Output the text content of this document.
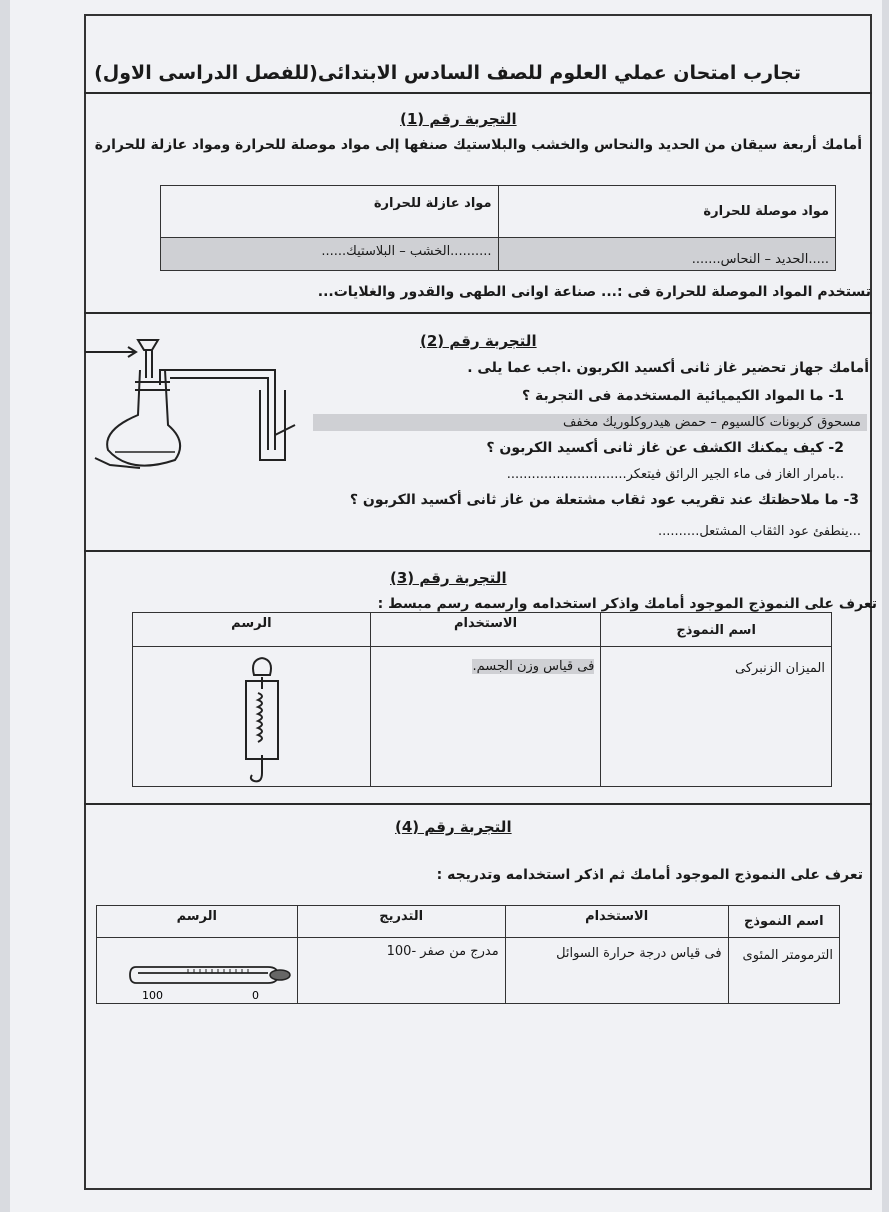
تجارب امتحان عملي العلوم للصف السادس الابتدائى(للفصل الدراسى الاول)
التجربة رقم (1)
أمامك أربعة سيقان من الحديد والنحاس والخشب والبلاستيك صنفها إلى مواد موصلة للحرارة ومواد عازلة للحرارة
مواد موصلة للحرارة	مواد عازلة للحرارة
.....الحديد – النحاس.......	..........الخشب – البلاستيك......
تستخدم المواد الموصلة للحرارة فى :... صناعة اوانى الطهى والقدور والغلايات...
التجربة رقم (2)
أمامك جهاز تحضير غاز ثانى أكسيد الكربون .اجب عما يلى .
1- ما المواد الكيميائية المستخدمة فى التجربة ؟
مسحوق كربونات كالسيوم – حمض هيدروكلوريك مخفف
2- كيف يمكنك الكشف عن غاز ثانى أكسيد الكربون ؟
..بامرار الغاز فى ماء الجير الرائق فيتعكر.............................
3- ما ملاحظتك عند تقريب عود ثقاب مشتعلة من غاز ثانى أكسيد الكربون ؟
...ينطفئ عود الثقاب المشتعل..........
التجربة رقم (3)
تعرف على النموذج الموجود أمامك واذكر استخدامه وارسمه رسم مبسط :
اسم النموذج	الاستخدام	الرسم
الميزان الزنبركى	فى قياس وزن الجسم.	
التجربة رقم (4)
تعرف على النموذج الموجود أمامك ثم اذكر استخدامه وتدريجه :
اسم النموذج	الاستخدام	التدريج	الرسم
الترمومتر المئوى	فى قياس درجة حرارة السوائل	مدرج من صفر -100	
100	0
